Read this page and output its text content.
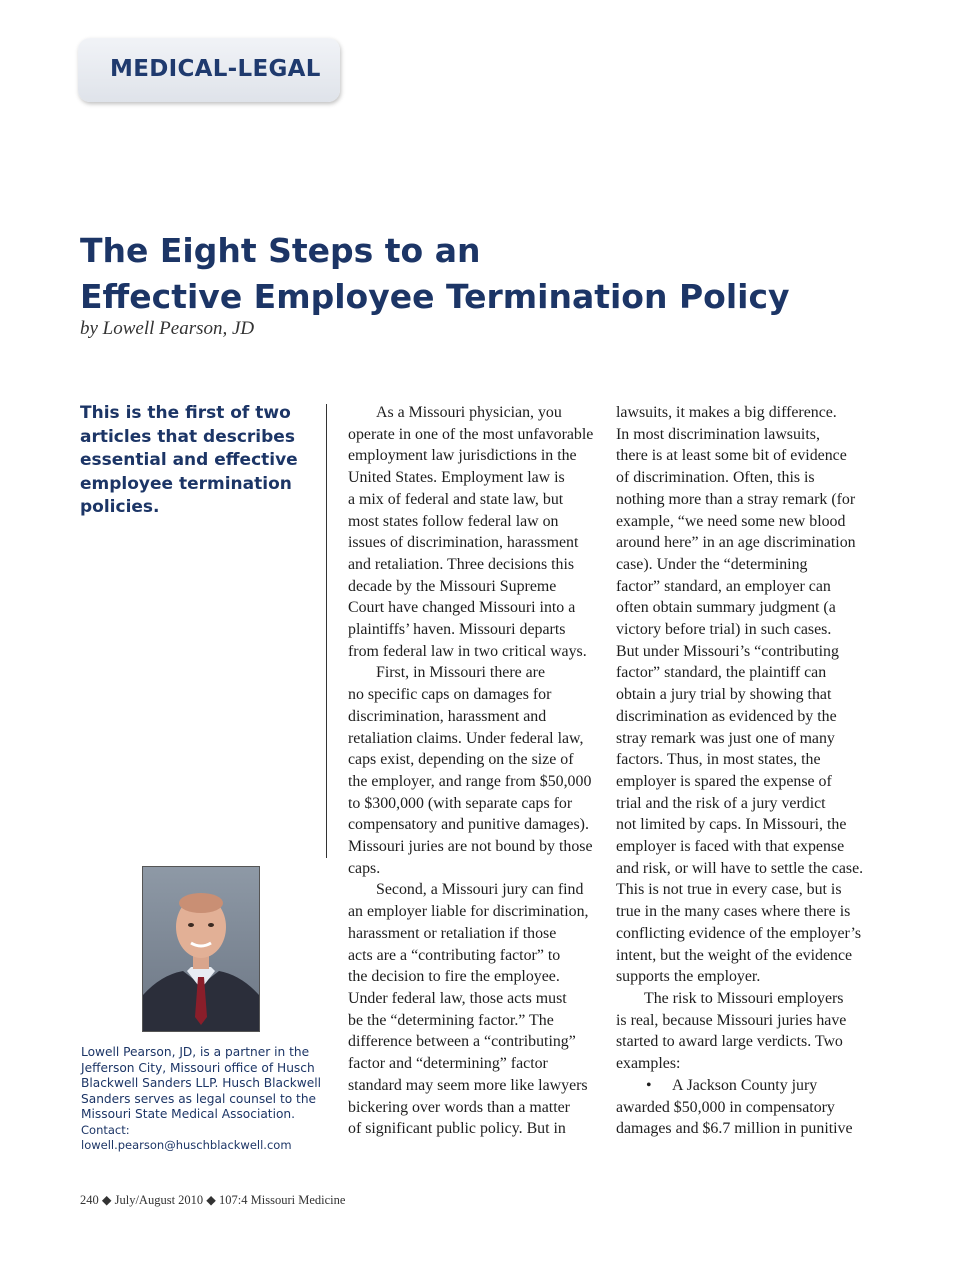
MEDICAL-LEGAL
The Eight Steps to an
Effective Employee Termination Policy
by Lowell Pearson, JD
This is the first of two articles that describes essential and effective employee termination policies.
Lowell Pearson, JD, is a partner in the Jefferson City, Missouri office of Husch Blackwell Sanders LLP. Husch Blackwell Sanders serves as legal counsel to the Missouri State Medical Association.
Contact: lowell.pearson@huschblackwell.com

As a Missouri physician, you
operate in one of the most unfavorable
employment law jurisdictions in the
United States. Employment law is
a mix of federal and state law, but
most states follow federal law on
issues of discrimination, harassment
and retaliation. Three decisions this
decade by the Missouri Supreme
Court have changed Missouri into a
plaintiffs’ haven. Missouri departs
from federal law in two critical ways.

First, in Missouri there are
no specific caps on damages for
discrimination, harassment and
retaliation claims. Under federal law,
caps exist, depending on the size of
the employer, and range from $50,000
to $300,000 (with separate caps for
compensatory and punitive damages).
Missouri juries are not bound by those
caps.

Second, a Missouri jury can find
an employer liable for discrimination,
harassment or retaliation if those
acts are a “contributing factor” to
the decision to fire the employee.
Under federal law, those acts must
be the “determining factor.” The
difference between a “contributing”
factor and “determining” factor
standard may seem more like lawyers
bickering over words than a matter
of significant public policy. But in

lawsuits, it makes a big difference.
In most discrimination lawsuits,
there is at least some bit of evidence
of discrimination. Often, this is
nothing more than a stray remark (for
example, “we need some new blood
around here” in an age discrimination
case). Under the “determining
factor” standard, an employer can
often obtain summary judgment (a
victory before trial) in such cases.
But under Missouri’s “contributing
factor” standard, the plaintiff can
obtain a jury trial by showing that
discrimination as evidenced by the
stray remark was just one of many
factors. Thus, in most states, the
employer is spared the expense of
trial and the risk of a jury verdict
not limited by caps. In Missouri, the
employer is faced with that expense
and risk, or will have to settle the case.
This is not true in every case, but is
true in the many cases where there is
conflicting evidence of the employer’s
intent, but the weight of the evidence
supports the employer.

The risk to Missouri employers
is real, because Missouri juries have
started to award large verdicts. Two
examples:

• A Jackson County jury
awarded $50,000 in compensatory
damages and $6.7 million in punitive

240 ◆ July/August 2010 ◆ 107:4 Missouri Medicine
